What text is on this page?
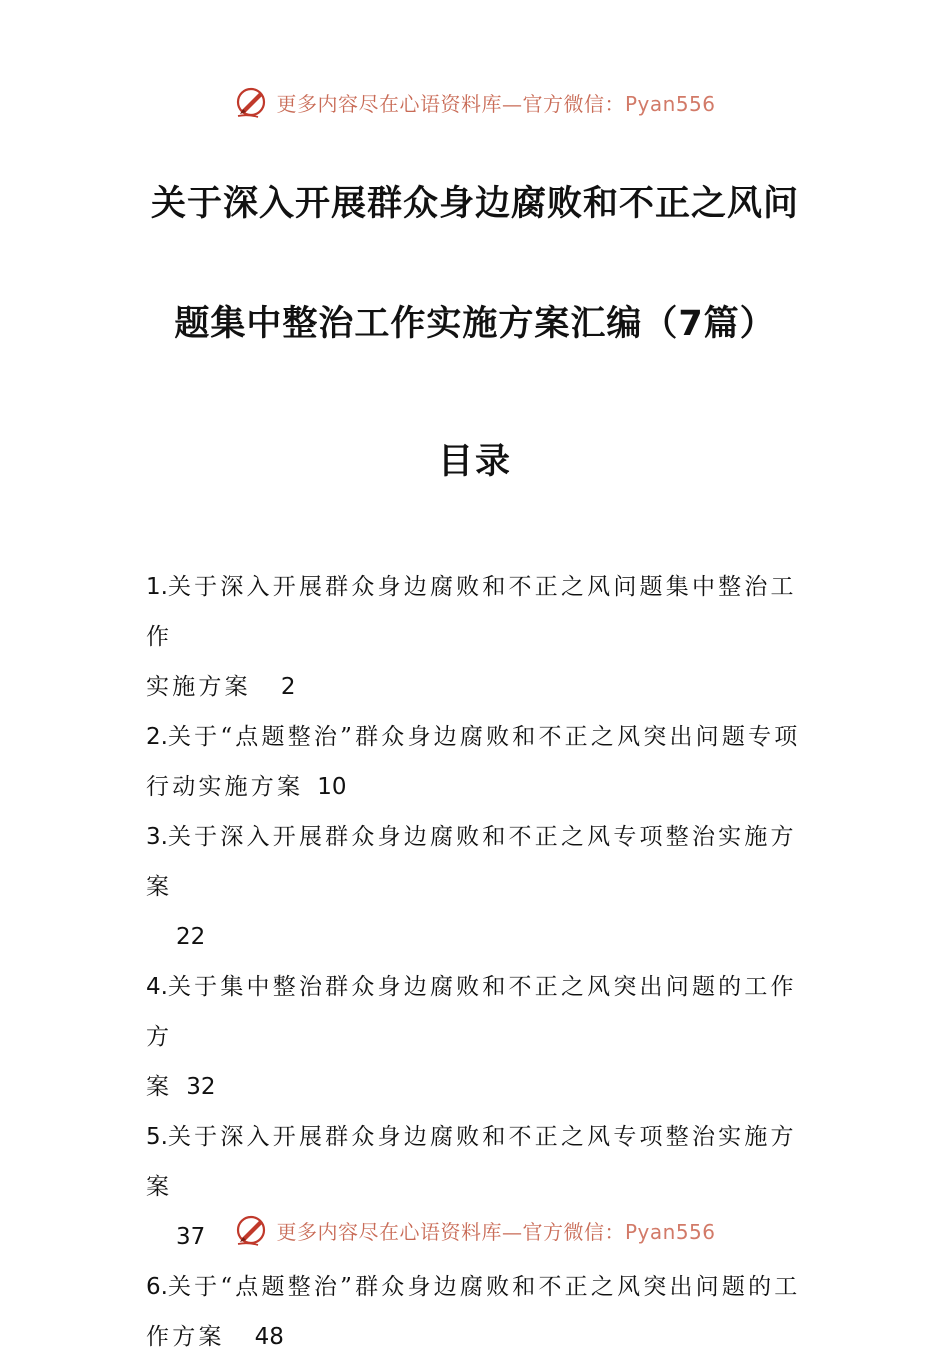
更多内容尽在心语资料库—官方微信：Pyan556
关于深入开展群众身边腐败和不正之风问
题集中整治工作实施方案汇编（7篇）
目录
1.关于深入开展群众身边腐败和不正之风问题集中整治工作
实施方案 2
2.关于“点题整治”群众身边腐败和不正之风突出问题专项
行动实施方案 10
3.关于深入开展群众身边腐败和不正之风专项整治实施方案
22
4.关于集中整治群众身边腐败和不正之风突出问题的工作方
案 32
5.关于深入开展群众身边腐败和不正之风专项整治实施方案
37
6.关于“点题整治”群众身边腐败和不正之风突出问题的工
作方案 48
更多内容尽在心语资料库—官方微信：Pyan556
